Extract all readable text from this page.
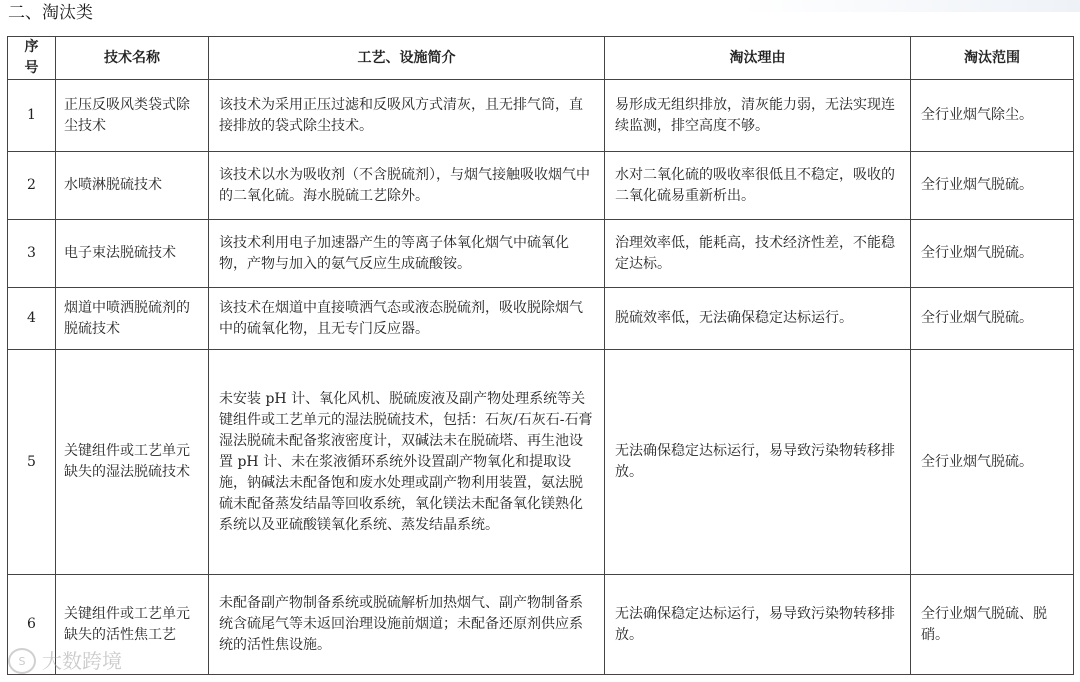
二、淘汰类
序号	技术名称	工艺、设施简介	淘汰理由	淘汰范围
1	正压反吸风类袋式除尘技术	该技术为采用正压过滤和反吸风方式清灰，且无排气筒，直接排放的袋式除尘技术。	易形成无组织排放，清灰能力弱，无法实现连续监测，排空高度不够。	全行业烟气除尘。
2	水喷淋脱硫技术	该技术以水为吸收剂（不含脱硫剂），与烟气接触吸收烟气中的二氧化硫。海水脱硫工艺除外。	水对二氧化硫的吸收率很低且不稳定，吸收的二氧化硫易重新析出。	全行业烟气脱硫。
3	电子束法脱硫技术	该技术利用电子加速器产生的等离子体氧化烟气中硫氧化物，产物与加入的氨气反应生成硫酸铵。	治理效率低，能耗高，技术经济性差，不能稳定达标。	全行业烟气脱硫。
4	烟道中喷洒脱硫剂的脱硫技术	该技术在烟道中直接喷洒气态或液态脱硫剂，吸收脱除烟气中的硫氧化物，且无专门反应器。	脱硫效率低，无法确保稳定达标运行。	全行业烟气脱硫。
5	关键组件或工艺单元缺失的湿法脱硫技术	未安装 pH 计、氧化风机、脱硫废液及副产物处理系统等关键组件或工艺单元的湿法脱硫技术，包括：石灰/石灰石-石膏湿法脱硫未配备浆液密度计，双碱法未在脱硫塔、再生池设置 pH 计、未在浆液循环系统外设置副产物氧化和提取设施，钠碱法未配备饱和废水处理或副产物利用装置，氨法脱硫未配备蒸发结晶等回收系统，氧化镁法未配备氧化镁熟化系统以及亚硫酸镁氧化系统、蒸发结晶系统。	无法确保稳定达标运行，易导致污染物转移排放。	全行业烟气脱硫。
6	关键组件或工艺单元缺失的活性焦工艺	未配备副产物制备系统或脱硫解析加热烟气、副产物制备系统含硫尾气等未返回治理设施前烟道；未配备还原剂供应系统的活性焦设施。	无法确保稳定达标运行，易导致污染物转移排放。	全行业烟气脱硫、脱硝。
S 大数跨境
